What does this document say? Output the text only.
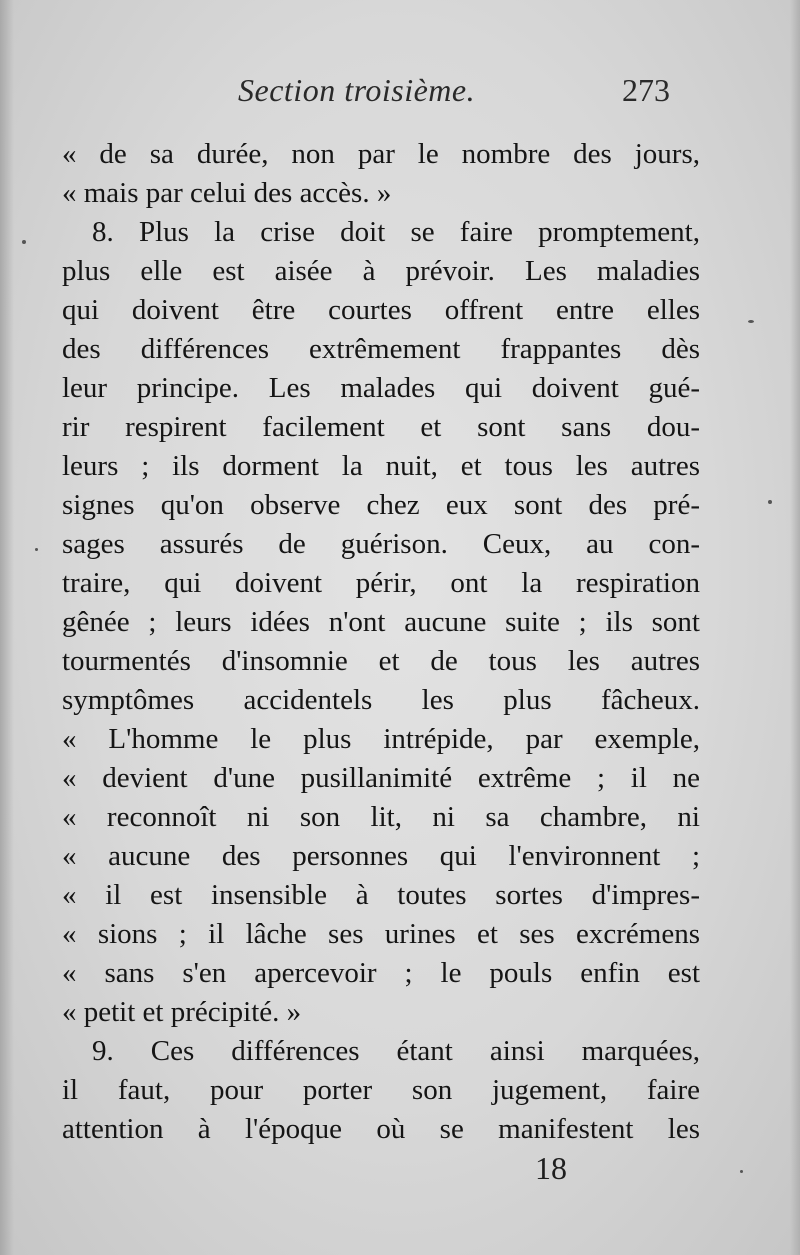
Section troisième.	273
« de sa durée, non par le nombre des jours,
« mais par celui des accès. »
8. Plus la crise doit se faire promptement,
plus elle est aisée à prévoir. Les maladies
qui doivent être courtes offrent entre elles
des différences extrêmement frappantes dès
leur principe. Les malades qui doivent gué-
rir respirent facilement et sont sans dou-
leurs ; ils dorment la nuit, et tous les autres
signes qu'on observe chez eux sont des pré-
sages assurés de guérison. Ceux, au con-
traire, qui doivent périr, ont la respiration
gênée ; leurs idées n'ont aucune suite ; ils sont
tourmentés d'insomnie et de tous les autres
symptômes accidentels les plus fâcheux.
« L'homme le plus intrépide, par exemple,
« devient d'une pusillanimité extrême ; il ne
« reconnoît ni son lit, ni sa chambre, ni
« aucune des personnes qui l'environnent ;
« il est insensible à toutes sortes d'impres-
« sions ; il lâche ses urines et ses excrémens
« sans s'en apercevoir ; le pouls enfin est
« petit et précipité. »
9. Ces différences étant ainsi marquées,
il faut, pour porter son jugement, faire
attention à l'époque où se manifestent les
18
